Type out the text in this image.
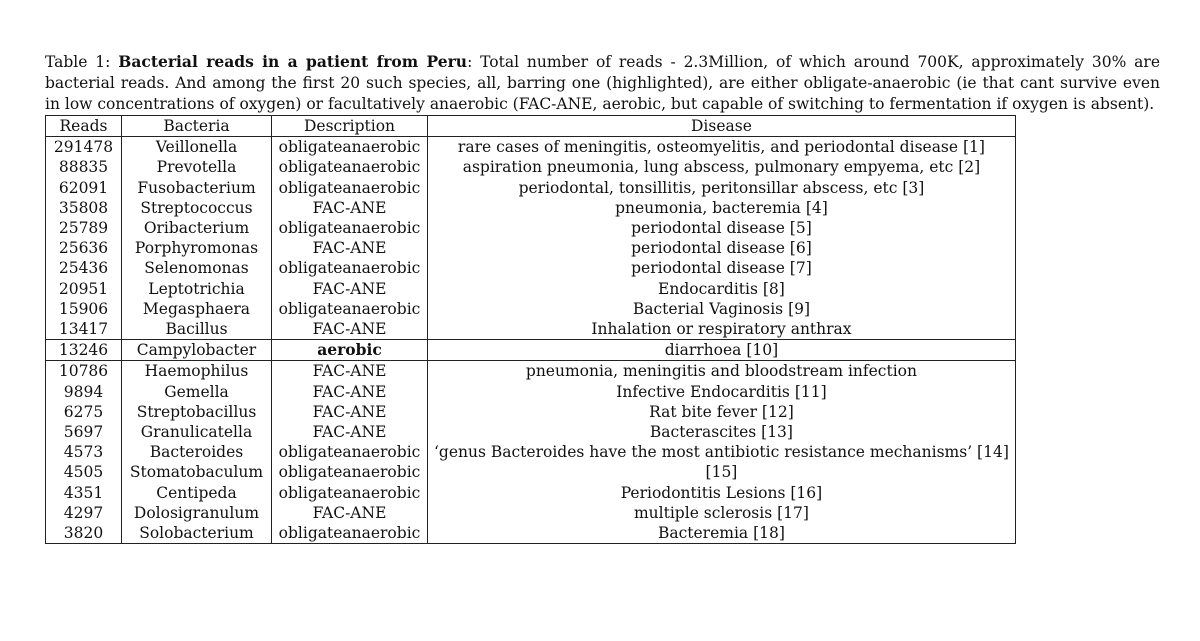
Table 1: Bacterial reads in a patient from Peru: Total number of reads - 2.3Million, of which around 700K, approximately 30% are bacterial reads. And among the first 20 such species, all, barring one (highlighted), are either obligate-anaerobic (ie that cant survive even in low concentrations of oxygen) or facultatively anaerobic (FAC-ANE, aerobic, but capable of switching to fermentation if oxygen is absent).
Reads	Bacteria	Description	Disease
291478	Veillonella	obligateanaerobic	rare cases of meningitis, osteomyelitis, and periodontal disease [1]
88835	Prevotella	obligateanaerobic	aspiration pneumonia, lung abscess, pulmonary empyema, etc [2]
62091	Fusobacterium	obligateanaerobic	periodontal, tonsillitis, peritonsillar abscess, etc [3]
35808	Streptococcus	FAC-ANE	pneumonia, bacteremia [4]
25789	Oribacterium	obligateanaerobic	periodontal disease [5]
25636	Porphyromonas	FAC-ANE	periodontal disease [6]
25436	Selenomonas	obligateanaerobic	periodontal disease [7]
20951	Leptotrichia	FAC-ANE	Endocarditis [8]
15906	Megasphaera	obligateanaerobic	Bacterial Vaginosis [9]
13417	Bacillus	FAC-ANE	Inhalation or respiratory anthrax
13246	Campylobacter	aerobic	diarrhoea [10]
10786	Haemophilus	FAC-ANE	pneumonia, meningitis and bloodstream infection
9894	Gemella	FAC-ANE	Infective Endocarditis [11]
6275	Streptobacillus	FAC-ANE	Rat bite fever [12]
5697	Granulicatella	FAC-ANE	Bacterascites [13]
4573	Bacteroides	obligateanaerobic	‘genus Bacteroides have the most antibiotic resistance mechanisms’ [14]
4505	Stomatobaculum	obligateanaerobic	[15]
4351	Centipeda	obligateanaerobic	Periodontitis Lesions [16]
4297	Dolosigranulum	FAC-ANE	multiple sclerosis [17]
3820	Solobacterium	obligateanaerobic	Bacteremia [18]
